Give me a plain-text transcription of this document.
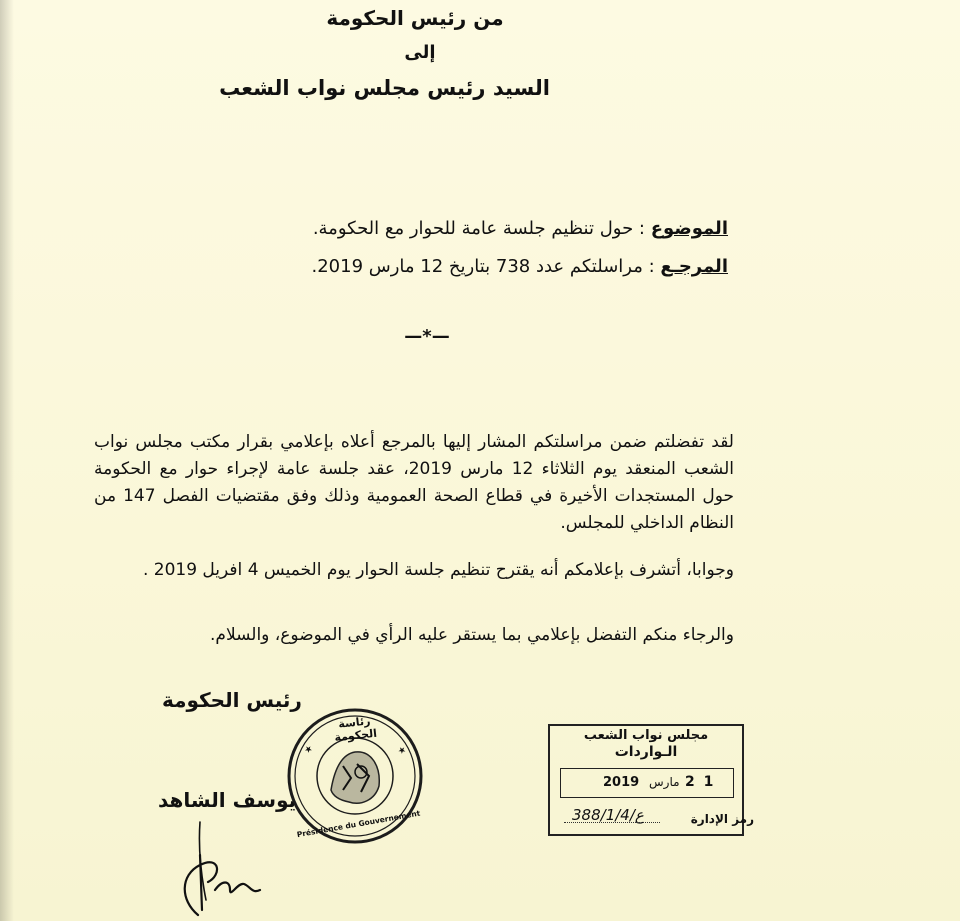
من رئيس الحكومة
إلى
السيد رئيس مجلس نواب الشعب
الموضوع : حول تنظيم جلسة عامة للحوار مع الحكومة.
المرجـع : مراسلتكم عدد 738 بتاريخ 12 مارس 2019.
—*—

لقد تفضلتم ضمن مراسلتكم المشار إليها بالمرجع أعلاه بإعلامي بقرار مكتب مجلس نواب الشعب المنعقد يوم الثلاثاء 12 مارس 2019، عقد جلسة عامة لإجراء حوار مع الحكومة حول المستجدات الأخيرة في قطاع الصحة العمومية وذلك وفق مقتضيات الفصل 147 من النظام الداخلي للمجلس.

وجوابا، أتشرف بإعلامكم أنه يقترح تنظيم جلسة الحوار يوم الخميس 4 افريل 2019 .

والرجاء منكم التفضل بإعلامي بما يستقر عليه الرأي في الموضوع، والسلام.

رئيس الحكومة
يوسف الشاهد
★	★
رئاسة الحكومة
Présidence du Gouvernement
مجلس نواب الشعب
الـواردات
2019 مارس 2 1
388/ع/1/4	رمز الإدارة
